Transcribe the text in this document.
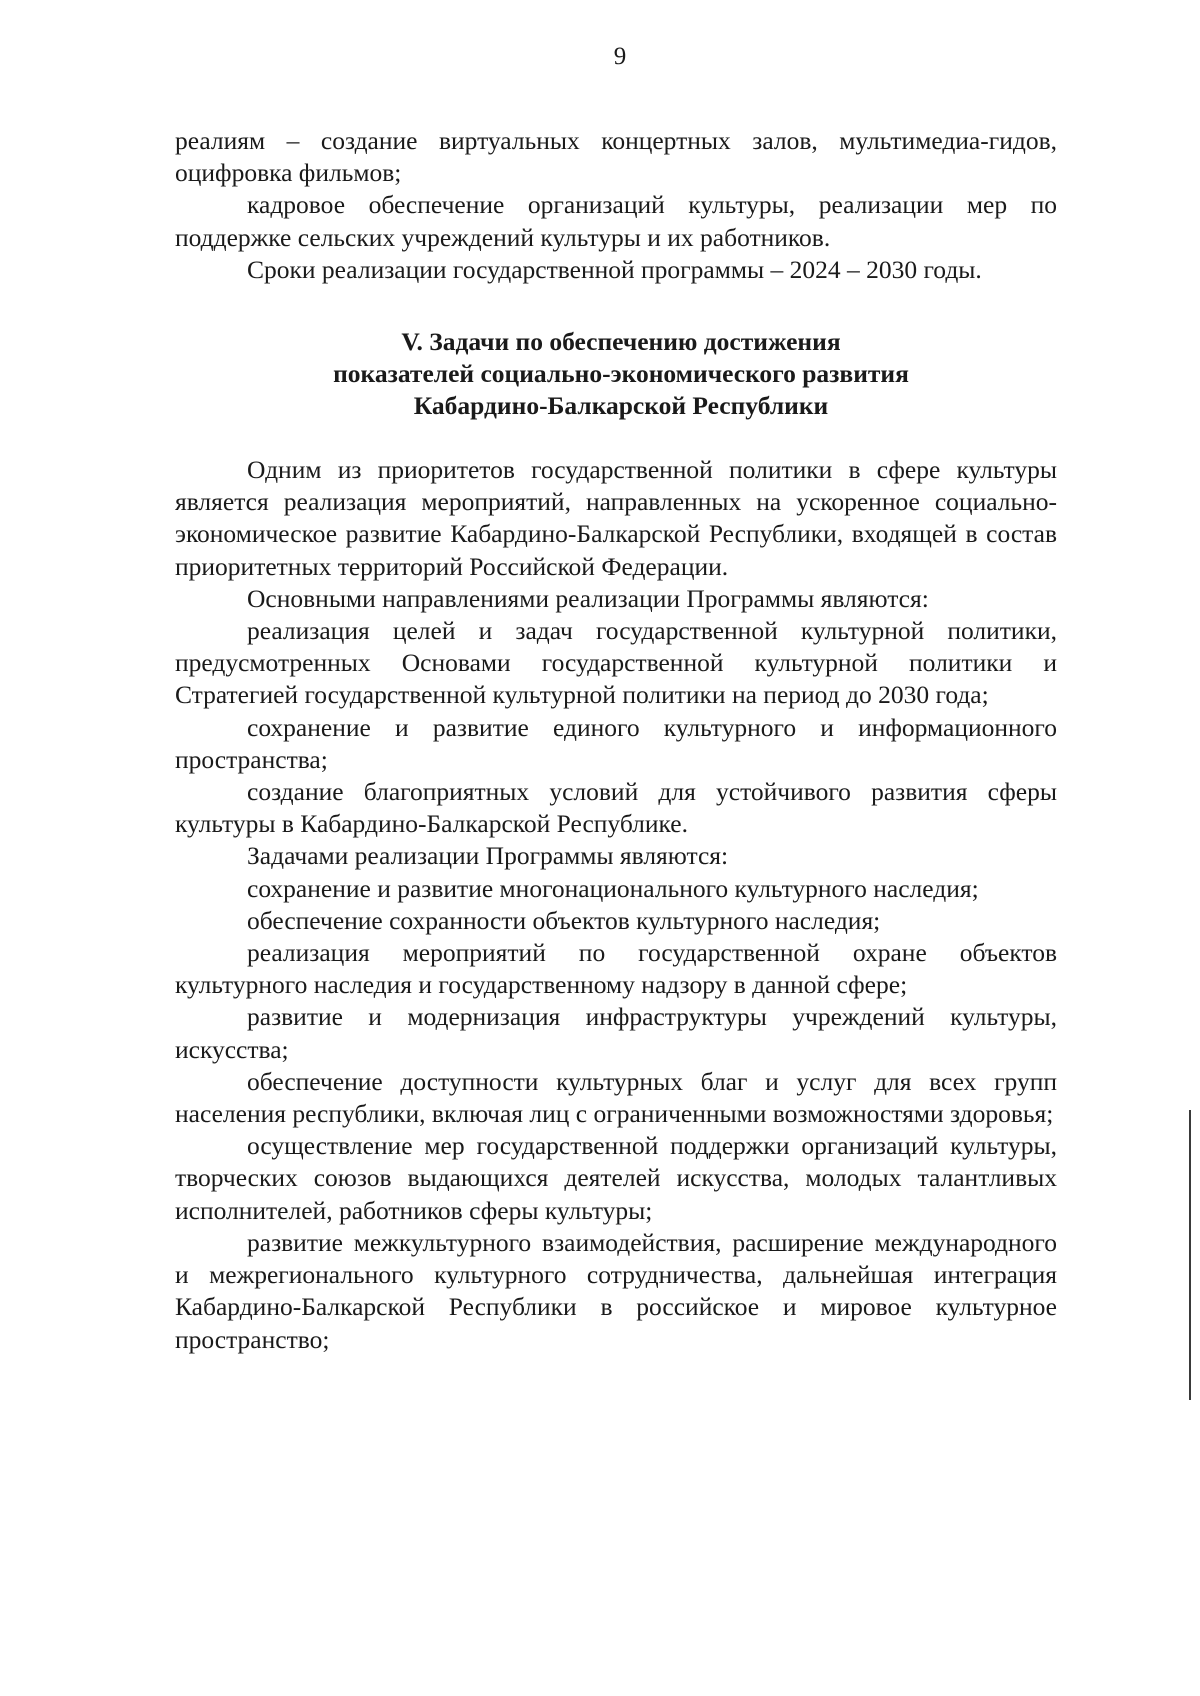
9

реалиям – создание виртуальных концертных залов, мультимедиа-гидов, оцифровка фильмов;

кадровое обеспечение организаций культуры, реализации мер по поддержке сельских учреждений культуры и их работников.

Сроки реализации государственной программы – 2024 – 2030 годы.

V. Задачи по обеспечению достижения
показателей социально-экономического развития
Кабардино-Балкарской Республики

Одним из приоритетов государственной политики в сфере культуры является реализация мероприятий, направленных на ускоренное социально-экономическое развитие Кабардино-Балкарской Республики, входящей в состав приоритетных территорий Российской Федерации.

Основными направлениями реализации Программы являются:

реализация целей и задач государственной культурной политики, предусмотренных Основами государственной культурной политики и Стратегией государственной культурной политики на период до 2030 года;

сохранение и развитие единого культурного и информационного пространства;

создание благоприятных условий для устойчивого развития сферы культуры в Кабардино-Балкарской Республике.

Задачами реализации Программы являются:

сохранение и развитие многонационального культурного наследия;

обеспечение сохранности объектов культурного наследия;

реализация мероприятий по государственной охране объектов культурного наследия и государственному надзору в данной сфере;

развитие и модернизация инфраструктуры учреждений культуры, искусства;

обеспечение доступности культурных благ и услуг для всех групп населения республики, включая лиц с ограниченными возможностями здоровья;

осуществление мер государственной поддержки организаций культуры, творческих союзов выдающихся деятелей искусства, молодых талантливых исполнителей, работников сферы культуры;

развитие межкультурного взаимодействия, расширение международного и межрегионального культурного сотрудничества, дальнейшая интеграция Кабардино-Балкарской Республики в российское и мировое культурное пространство;
